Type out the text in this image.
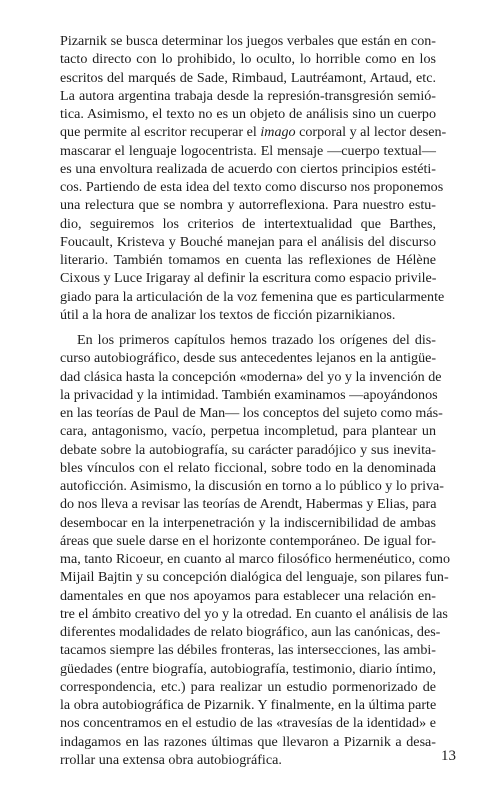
Pizarnik se busca determinar los juegos verbales que están en con-
tacto directo con lo prohibido, lo oculto, lo horrible como en los
escritos del marqués de Sade, Rimbaud, Lautréamont, Artaud, etc.
La autora argentina trabaja desde la represión-transgresión semió-
tica. Asimismo, el texto no es un objeto de análisis sino un cuerpo
que permite al escritor recuperar el imago corporal y al lector desen-
mascarar el lenguaje logocentrista. El mensaje —cuerpo textual—
es una envoltura realizada de acuerdo con ciertos principios estéti-
cos. Partiendo de esta idea del texto como discurso nos proponemos
una relectura que se nombra y autorreflexiona. Para nuestro estu-
dio, seguiremos los criterios de intertextualidad que Barthes,
Foucault, Kristeva y Bouché manejan para el análisis del discurso
literario. También tomamos en cuenta las reflexiones de Hélène
Cixous y Luce Irigaray al definir la escritura como espacio privile-
giado para la articulación de la voz femenina que es particularmente
útil a la hora de analizar los textos de ficción pizarnikianos.
En los primeros capítulos hemos trazado los orígenes del dis-
curso autobiográfico, desde sus antecedentes lejanos en la antigüe-
dad clásica hasta la concepción «moderna» del yo y la invención de
la privacidad y la intimidad. También examinamos —apoyándonos
en las teorías de Paul de Man— los conceptos del sujeto como más-
cara, antagonismo, vacío, perpetua incompletud, para plantear un
debate sobre la autobiografía, su carácter paradójico y sus inevita-
bles vínculos con el relato ficcional, sobre todo en la denominada
autoficción. Asimismo, la discusión en torno a lo público y lo priva-
do nos lleva a revisar las teorías de Arendt, Habermas y Elias, para
desembocar en la interpenetración y la indiscernibilidad de ambas
áreas que suele darse en el horizonte contemporáneo. De igual for-
ma, tanto Ricoeur, en cuanto al marco filosófico hermenéutico, como
Mijail Bajtin y su concepción dialógica del lenguaje, son pilares fun-
damentales en que nos apoyamos para establecer una relación en-
tre el ámbito creativo del yo y la otredad. En cuanto el análisis de las
diferentes modalidades de relato biográfico, aun las canónicas, des-
tacamos siempre las débiles fronteras, las intersecciones, las ambi-
güedades (entre biografía, autobiografía, testimonio, diario íntimo,
correspondencia, etc.) para realizar un estudio pormenorizado de
la obra autobiográfica de Pizarnik. Y finalmente, en la última parte
nos concentramos en el estudio de las «travesías de la identidad» e
indagamos en las razones últimas que llevaron a Pizarnik a desa-
rrollar una extensa obra autobiográfica.	13
